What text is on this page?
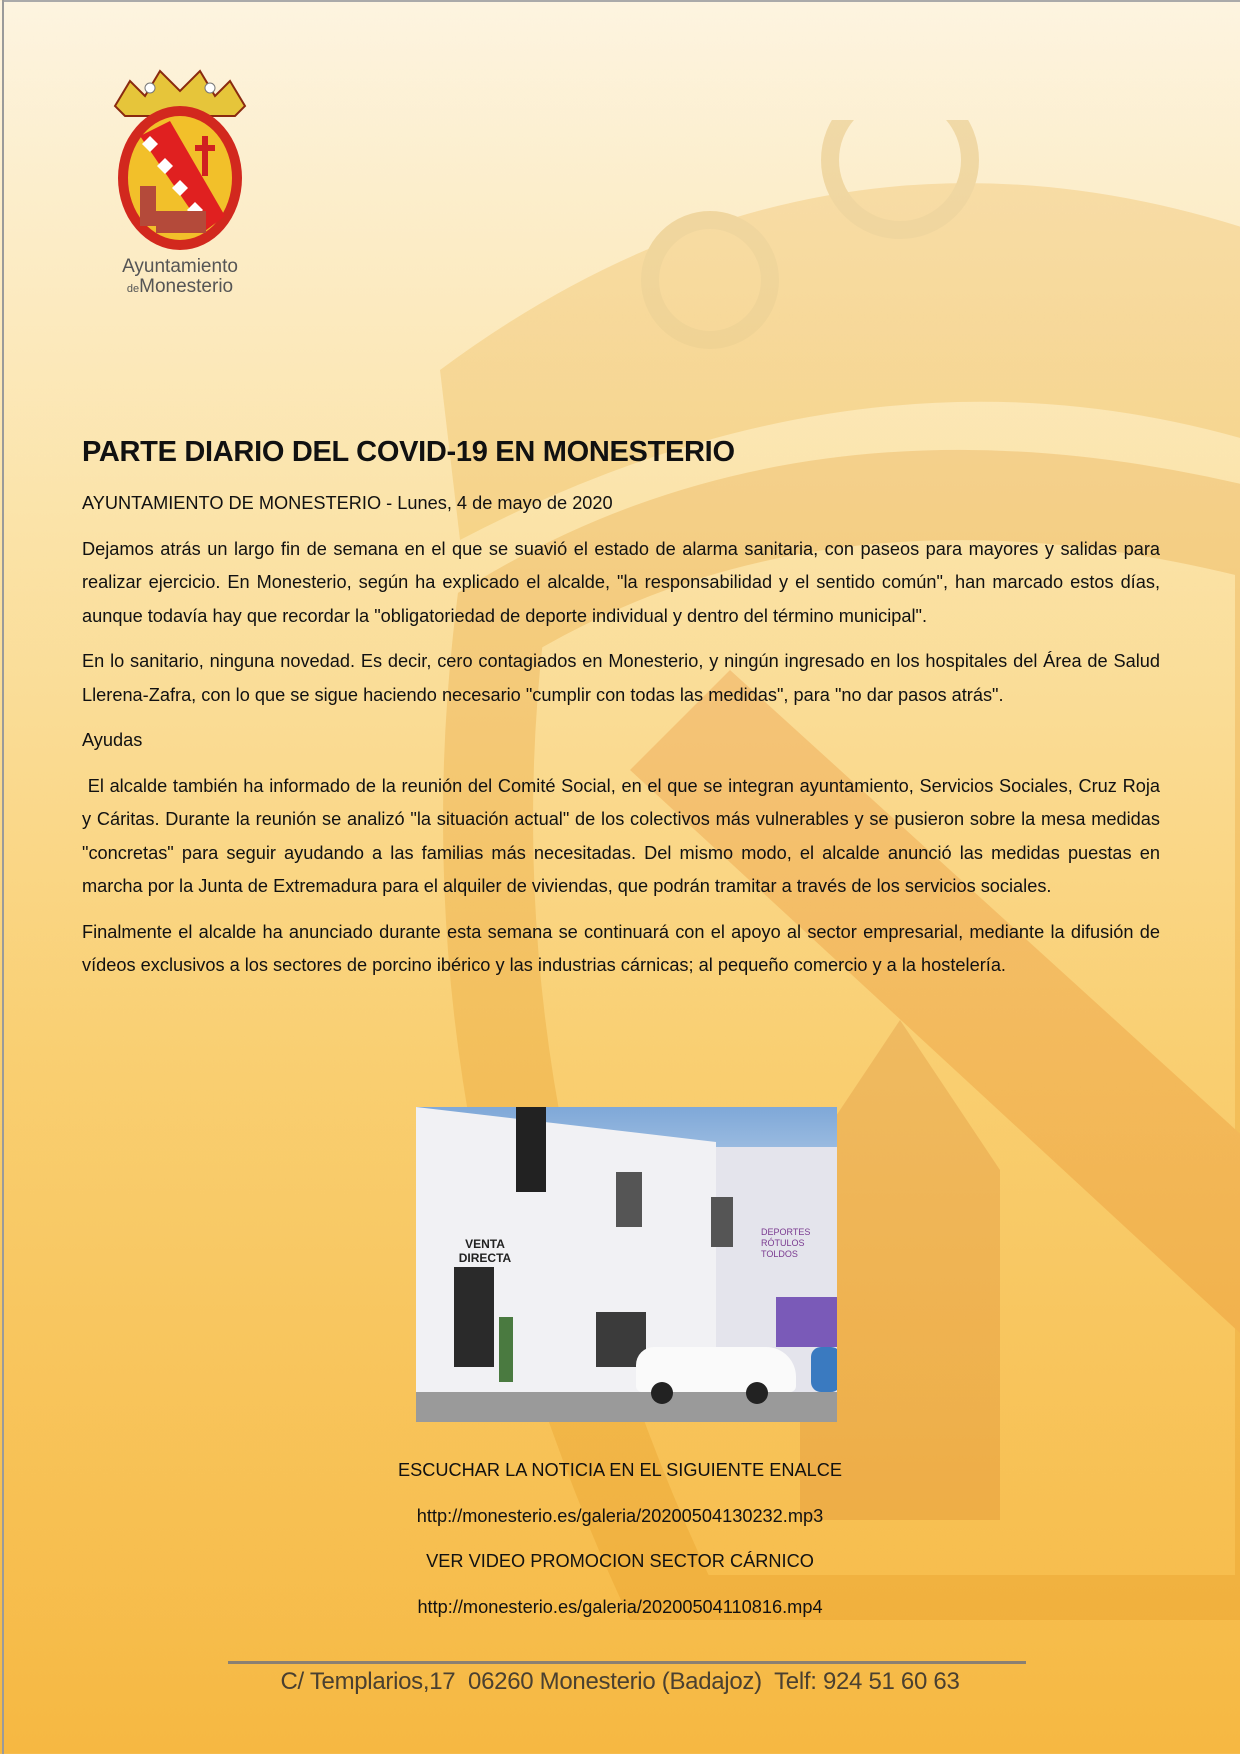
Ayuntamiento
deMonesterio
PARTE DIARIO DEL COVID-19 EN MONESTERIO

AYUNTAMIENTO DE MONESTERIO - Lunes, 4 de mayo de 2020

Dejamos atrás un largo fin de semana en el que se suavió el estado de alarma sanitaria, con paseos para mayores y salidas para realizar ejercicio. En Monesterio, según ha explicado el alcalde, "la responsabilidad y el sentido común", han marcado estos días, aunque todavía hay que recordar la "obligatoriedad de deporte individual y dentro del término municipal".

En lo sanitario, ninguna novedad. Es decir, cero contagiados en Monesterio, y ningún ingresado en los hospitales del Área de Salud Llerena-Zafra, con lo que se sigue haciendo necesario "cumplir con todas las medidas", para "no dar pasos atrás".

Ayudas

El alcalde también ha informado de la reunión del Comité Social, en el que se integran ayuntamiento, Servicios Sociales, Cruz Roja y Cáritas. Durante la reunión se analizó "la situación actual" de los colectivos más vulnerables y se pusieron sobre la mesa medidas "concretas" para seguir ayudando a las familias más necesitadas. Del mismo modo, el alcalde anunció las medidas puestas en marcha por la Junta de Extremadura para el alquiler de viviendas, que podrán tramitar a través de los servicios sociales.

Finalmente el alcalde ha anunciado durante esta semana se continuará con el apoyo al sector empresarial, mediante la difusión de vídeos exclusivos a los sectores de porcino ibérico y las industrias cárnicas; al pequeño comercio y a la hostelería.

VENTA DIRECTA
DEPORTES RÓTULOS TOLDOS
ESCUCHAR LA NOTICIA EN EL SIGUIENTE ENALCE
http://monesterio.es/galeria/20200504130232.mp3
VER VIDEO PROMOCION SECTOR CÁRNICO
http://monesterio.es/galeria/20200504110816.mp4
C/ Templarios,17  06260 Monesterio (Badajoz)  Telf: 924 51 60 63
